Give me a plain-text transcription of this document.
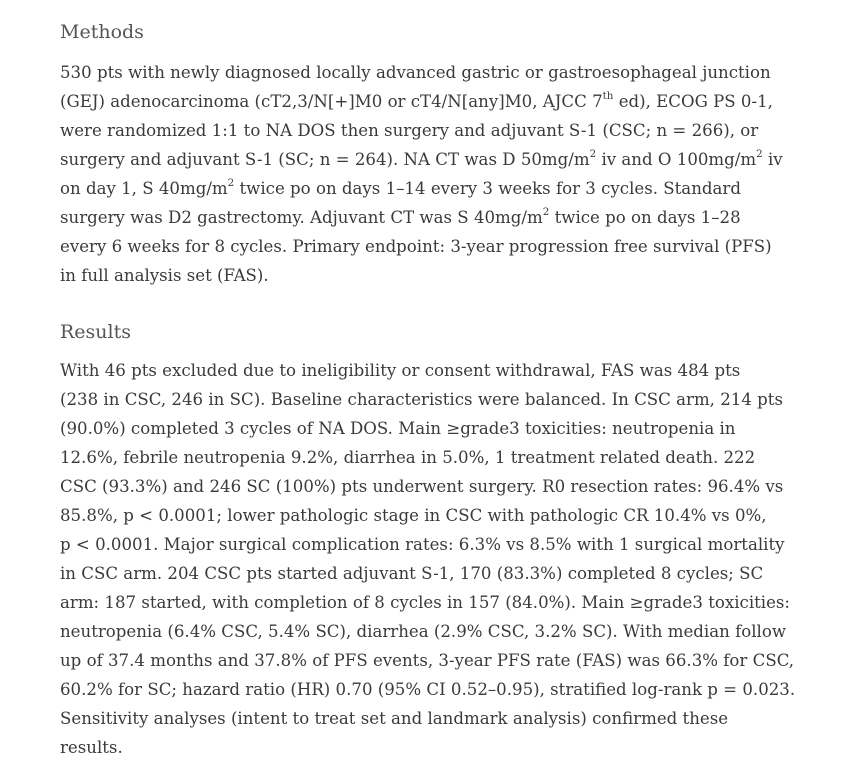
Methods

530 pts with newly diagnosed locally advanced gastric or gastroesophageal junction
(GEJ) adenocarcinoma (cT2,3/N[+]M0 or cT4/N[any]M0, AJCC 7th ed), ECOG PS 0-1,
were randomized 1:1 to NA DOS then surgery and adjuvant S-1 (CSC; n = 266), or
surgery and adjuvant S-1 (SC; n = 264). NA CT was D $50mg/m^2$ iv and O $100mg/m^2$ iv
on day 1, S $40mg/m^2$ twice po on days 1–14 every 3 weeks for 3 cycles. Standard
surgery was D2 gastrectomy. Adjuvant CT was S $40mg/m^2$ twice po on days 1–28
every 6 weeks for 8 cycles. Primary endpoint: 3-year progression free survival (PFS)
in full analysis set (FAS).

Results

With 46 pts excluded due to ineligibility or consent withdrawal, FAS was 484 pts
(238 in CSC, 246 in SC). Baseline characteristics were balanced. In CSC arm, 214 pts
(90.0%) completed 3 cycles of NA DOS. Main ≥grade3 toxicities: neutropenia in
12.6%, febrile neutropenia 9.2%, diarrhea in 5.0%, 1 treatment related death. 222
CSC (93.3%) and 246 SC (100%) pts underwent surgery. R0 resection rates: 96.4% vs
85.8%, p < 0.0001; lower pathologic stage in CSC with pathologic CR 10.4% vs 0%,
p < 0.0001. Major surgical complication rates: 6.3% vs 8.5% with 1 surgical mortality
in CSC arm. 204 CSC pts started adjuvant S-1, 170 (83.3%) completed 8 cycles; SC
arm: 187 started, with completion of 8 cycles in 157 (84.0%). Main ≥grade3 toxicities:
neutropenia (6.4% CSC, 5.4% SC), diarrhea (2.9% CSC, 3.2% SC). With median follow
up of 37.4 months and 37.8% of PFS events, 3-year PFS rate (FAS) was 66.3% for CSC,
60.2% for SC; hazard ratio (HR) 0.70 (95% CI 0.52–0.95), stratified log-rank p = 0.023.
Sensitivity analyses (intent to treat set and landmark analysis) confirmed these
results.
